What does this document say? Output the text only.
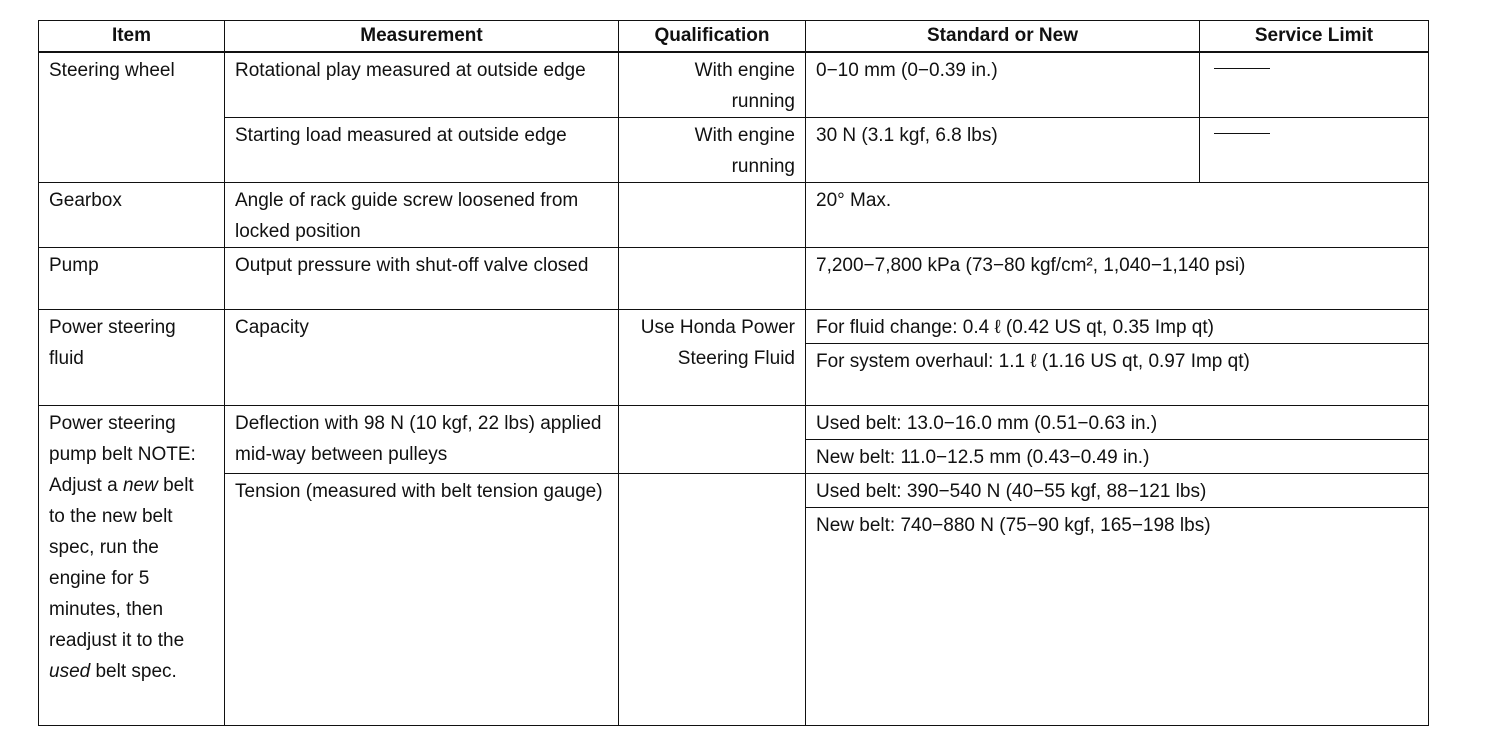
Item	Measurement	Qualification	Standard or New	Service Limit
Steering wheel	Rotational play measured at outside edge	With engine running	0−10 mm (0−0.39 in.)	
	Starting load measured at outside edge	With engine running	30 N (3.1 kgf, 6.8 lbs)	
Gearbox	Angle of rack guide screw loosened from locked position		20° Max.	
Pump	Output pressure with shut-off valve closed		7,200−7,800 kPa (73−80 kgf/cm², 1,040−1,140 psi)	
Power steering fluid	Capacity	Use Honda Power Steering Fluid	For fluid change: 0.4 ℓ (0.42 US qt, 0.35 Imp qt)	
			For system overhaul: 1.1 ℓ (1.16 US qt, 0.97 Imp qt)	
Power steering pump belt NOTE: Adjust a new belt to the new belt spec, run the engine for 5 minutes, then readjust it to the used belt spec.	Deflection with 98 N (10 kgf, 22 lbs) applied mid-way between pulleys		Used belt: 13.0−16.0 mm (0.51−0.63 in.)	
			New belt: 11.0−12.5 mm (0.43−0.49 in.)	
	Tension (measured with belt tension gauge)		Used belt: 390−540 N (40−55 kgf, 88−121 lbs)	
			New belt: 740−880 N (75−90 kgf, 165−198 lbs)	
